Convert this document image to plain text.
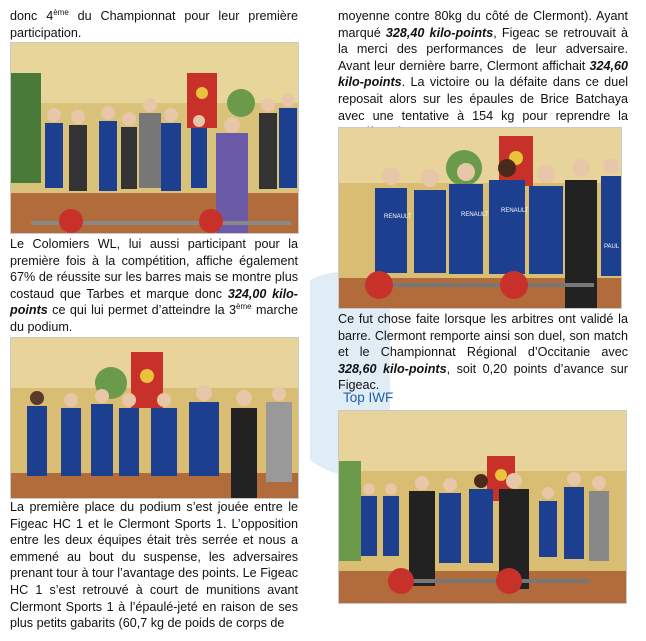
donc 4ème du Championnat pour leur première participation.

Le Colomiers WL, lui aussi participant pour la première fois à la compétition, affiche également 67% de réussite sur les barres mais se montre plus costaud que Tarbes et marque donc 324,00 kilo-points ce qui lui permet d’atteindre la 3ème marche du podium.

La première place du podium s’est jouée entre le Figeac HC 1 et le Clermont Sports 1. L’opposition entre les deux équipes était très serrée et nous a emmené au bout du suspense, les adversaires prenant tour à tour l’avantage des points. Le Figeac HC 1 s’est retrouvé à court de munitions avant Clermont Sports 1 à l’épaulé-jeté en raison de ses plus petits gabarits (60,7 kg de poids de corps de

moyenne contre 80kg du côté de Clermont). Ayant marqué 328,40 kilo-points, Figeac se retrouvait à la merci des performances de leur adversaire. Avant leur dernière barre, Clermont affichait 324,60 kilo-points. La victoire ou la défaite dans ce duel reposait alors sur les épaules de Brice Batchaya avec une tentative à 154 kg pour reprendre la

RENAULT	RENAULT
RENAULT
PAUL

Ce fut chose faite lorsque les arbitres ont validé la barre. Clermont remporte ainsi son duel, son match et le Championnat Régional d’Occitanie avec 328,60 kilo-points, soit 0,20 points d’avance sur Figeac.

Top IWF
